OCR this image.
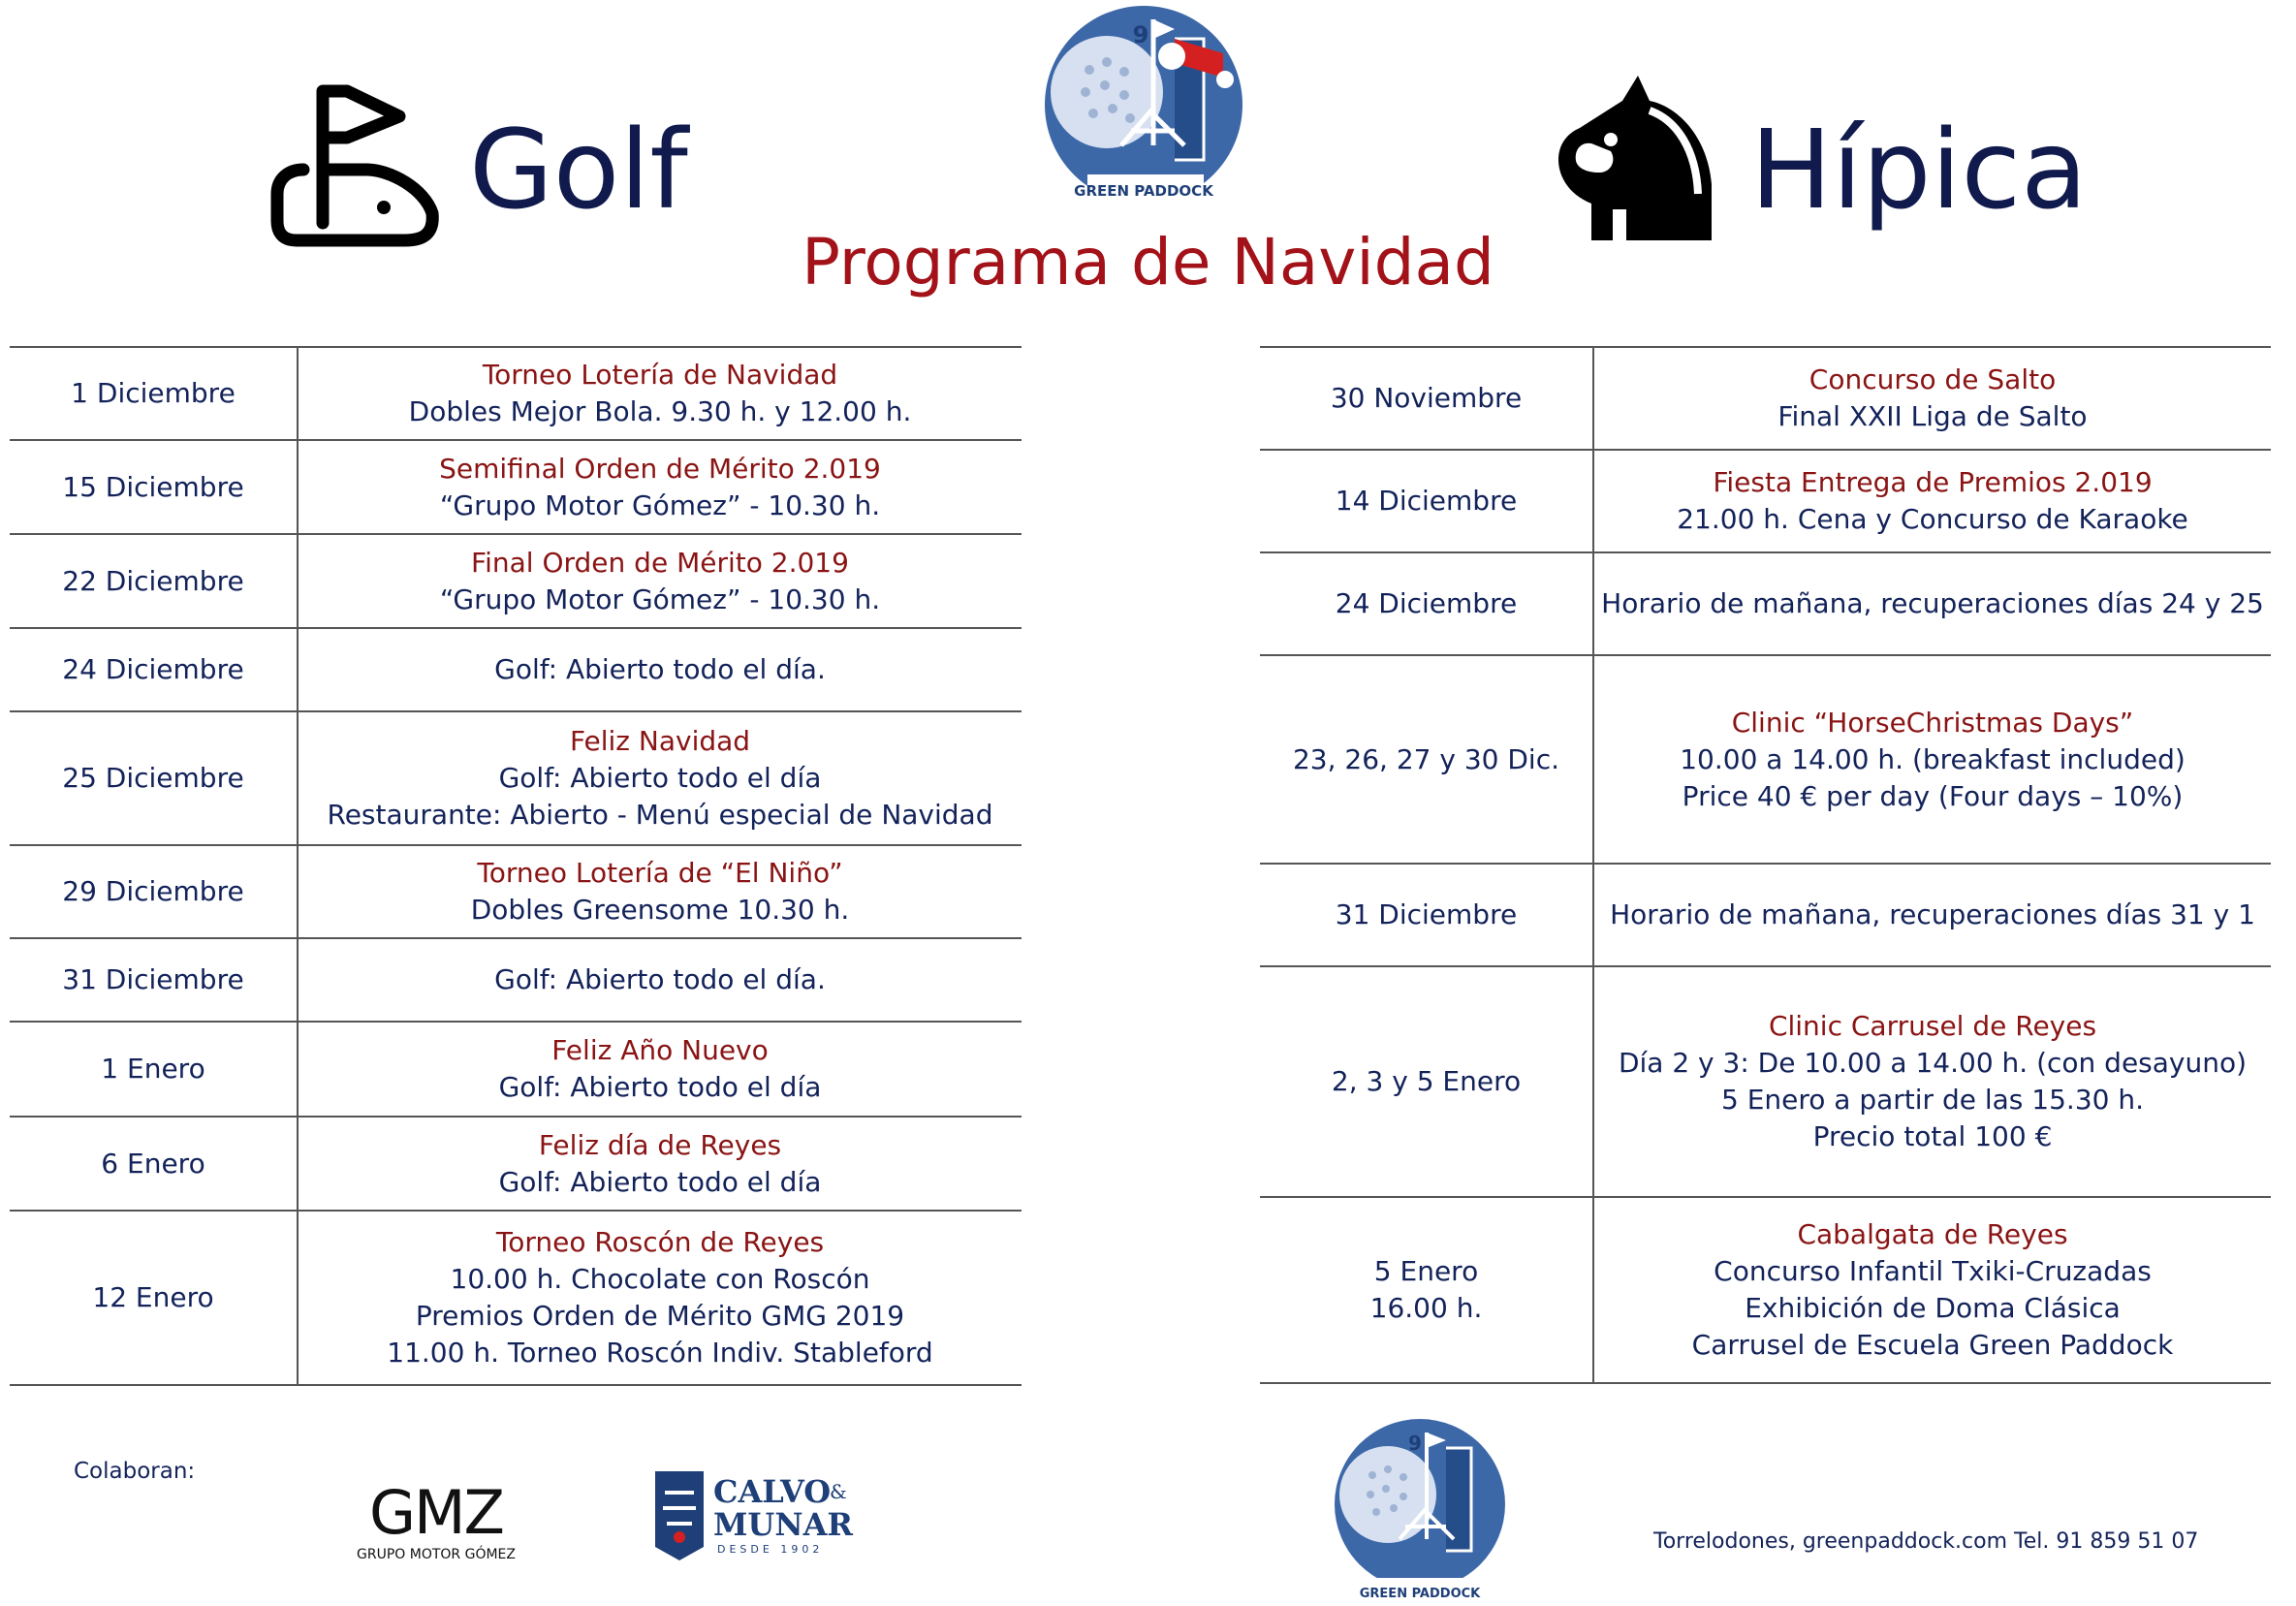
Golf	GREEN PADDOCK
9
Hípica
Programa de Navidad
1 Diciembre	Torneo Lotería de Navidad
Dobles Mejor Bola. 9.30 h. y 12.00 h.

15 Diciembre	Semifinal Orden de Mérito 2.019
“Grupo Motor Gómez” - 10.30 h.

22 Diciembre	Final Orden de Mérito 2.019
“Grupo Motor Gómez” - 10.30 h.

24 Diciembre	Golf: Abierto todo el día.

25 Diciembre	Feliz Navidad
Golf: Abierto todo el día
Restaurante: Abierto - Menú especial de Navidad

29 Diciembre	Torneo Lotería de “El Niño”
Dobles Greensome 10.30 h.

31 Diciembre	Golf: Abierto todo el día.

1 Enero	Feliz Año Nuevo
Golf: Abierto todo el día

6 Enero	Feliz día de Reyes
Golf: Abierto todo el día

12 Enero	Torneo Roscón de Reyes
10.00 h. Chocolate con Roscón
Premios Orden de Mérito GMG 2019
11.00 h. Torneo Roscón Indiv. Stableford
30 Noviembre	Concurso de Salto
Final XXII Liga de Salto

14 Diciembre	Fiesta Entrega de Premios 2.019
21.00 h. Cena y Concurso de Karaoke

24 Diciembre	Horario de mañana, recuperaciones días 24 y 25

23, 26, 27 y 30 Dic.	Clinic “HorseChristmas Days”
10.00 a 14.00 h. (breakfast included)
Price 40 € per day (Four days – 10%)

31 Diciembre	Horario de mañana, recuperaciones días 31 y 1

2, 3 y 5 Enero	Clinic Carrusel de Reyes
Día 2 y 3: De 10.00 a 14.00 h. (con desayuno)
5 Enero a partir de las 15.30 h.
Precio total 100 €

5 Enero
16.00 h.	Cabalgata de Reyes
Concurso Infantil Txiki-Cruzadas
Exhibición de Doma Clásica
Carrusel de Escuela Green Paddock
Colaboran:
GMZ
GRUPO MOTOR GÓMEZ
CALVO
&
MUNAR
DESDE 1902
GREEN PADDOCK
9
Torrelodones, greenpaddock.com Tel. 91 859 51 07
